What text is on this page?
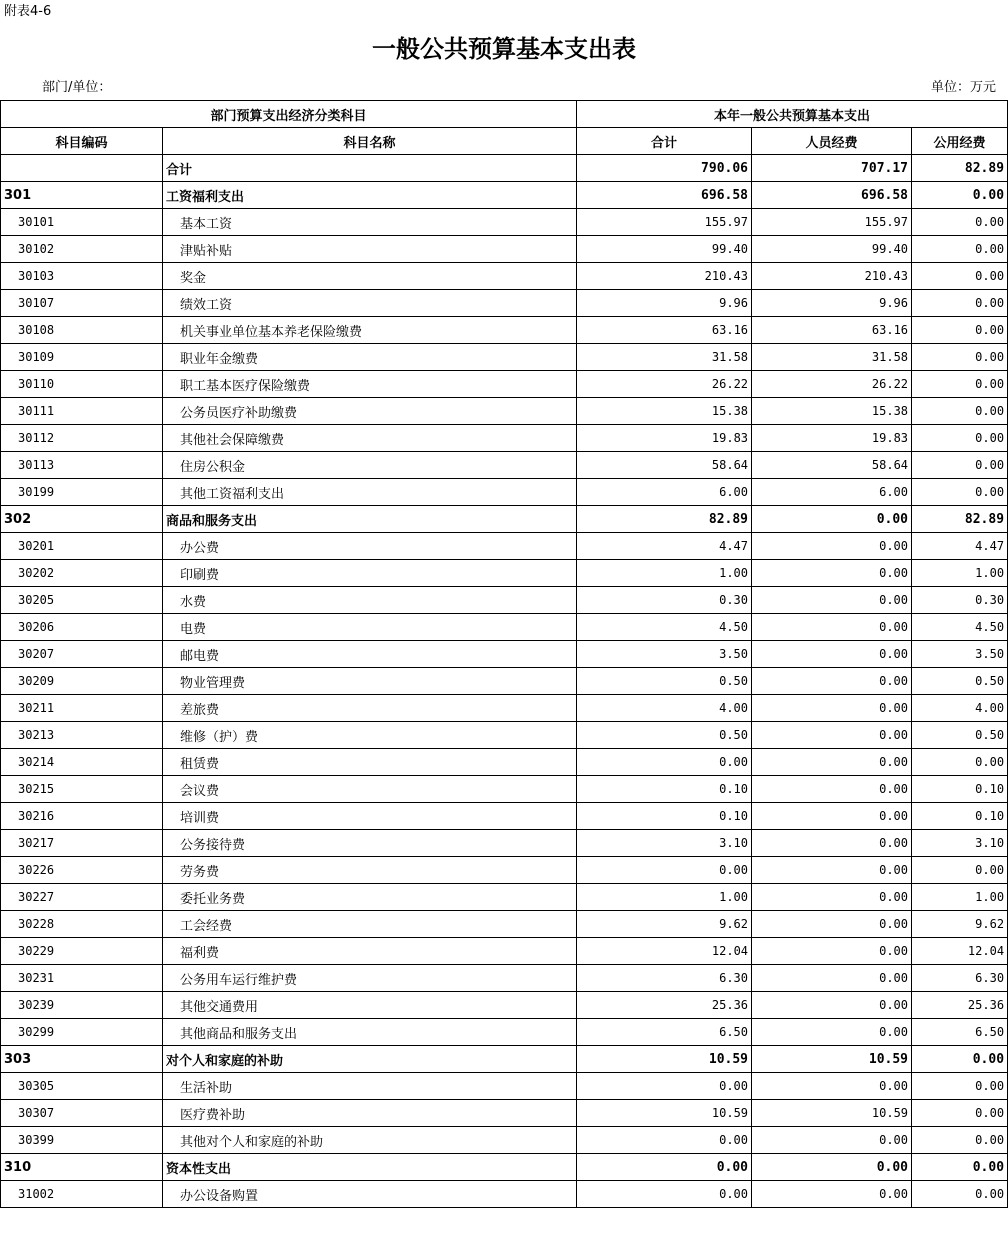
附表4-6
一般公共预算基本支出表
部门/单位：	单位：万元
部门预算支出经济分类科目		本年一般公共预算基本支出		
科目编码	科目名称	合计	人员经费	公用经费
	合计	790.06	707.17	82.89
301	工资福利支出	696.58	696.58	0.00
30101	基本工资	155.97	155.97	0.00
30102	津贴补贴	99.40	99.40	0.00
30103	奖金	210.43	210.43	0.00
30107	绩效工资	9.96	9.96	0.00
30108	机关事业单位基本养老保险缴费	63.16	63.16	0.00
30109	职业年金缴费	31.58	31.58	0.00
30110	职工基本医疗保险缴费	26.22	26.22	0.00
30111	公务员医疗补助缴费	15.38	15.38	0.00
30112	其他社会保障缴费	19.83	19.83	0.00
30113	住房公积金	58.64	58.64	0.00
30199	其他工资福利支出	6.00	6.00	0.00
302	商品和服务支出	82.89	0.00	82.89
30201	办公费	4.47	0.00	4.47
30202	印刷费	1.00	0.00	1.00
30205	水费	0.30	0.00	0.30
30206	电费	4.50	0.00	4.50
30207	邮电费	3.50	0.00	3.50
30209	物业管理费	0.50	0.00	0.50
30211	差旅费	4.00	0.00	4.00
30213	维修（护）费	0.50	0.00	0.50
30214	租赁费	0.00	0.00	0.00
30215	会议费	0.10	0.00	0.10
30216	培训费	0.10	0.00	0.10
30217	公务接待费	3.10	0.00	3.10
30226	劳务费	0.00	0.00	0.00
30227	委托业务费	1.00	0.00	1.00
30228	工会经费	9.62	0.00	9.62
30229	福利费	12.04	0.00	12.04
30231	公务用车运行维护费	6.30	0.00	6.30
30239	其他交通费用	25.36	0.00	25.36
30299	其他商品和服务支出	6.50	0.00	6.50
303	对个人和家庭的补助	10.59	10.59	0.00
30305	生活补助	0.00	0.00	0.00
30307	医疗费补助	10.59	10.59	0.00
30399	其他对个人和家庭的补助	0.00	0.00	0.00
310	资本性支出	0.00	0.00	0.00
31002	办公设备购置	0.00	0.00	0.00
